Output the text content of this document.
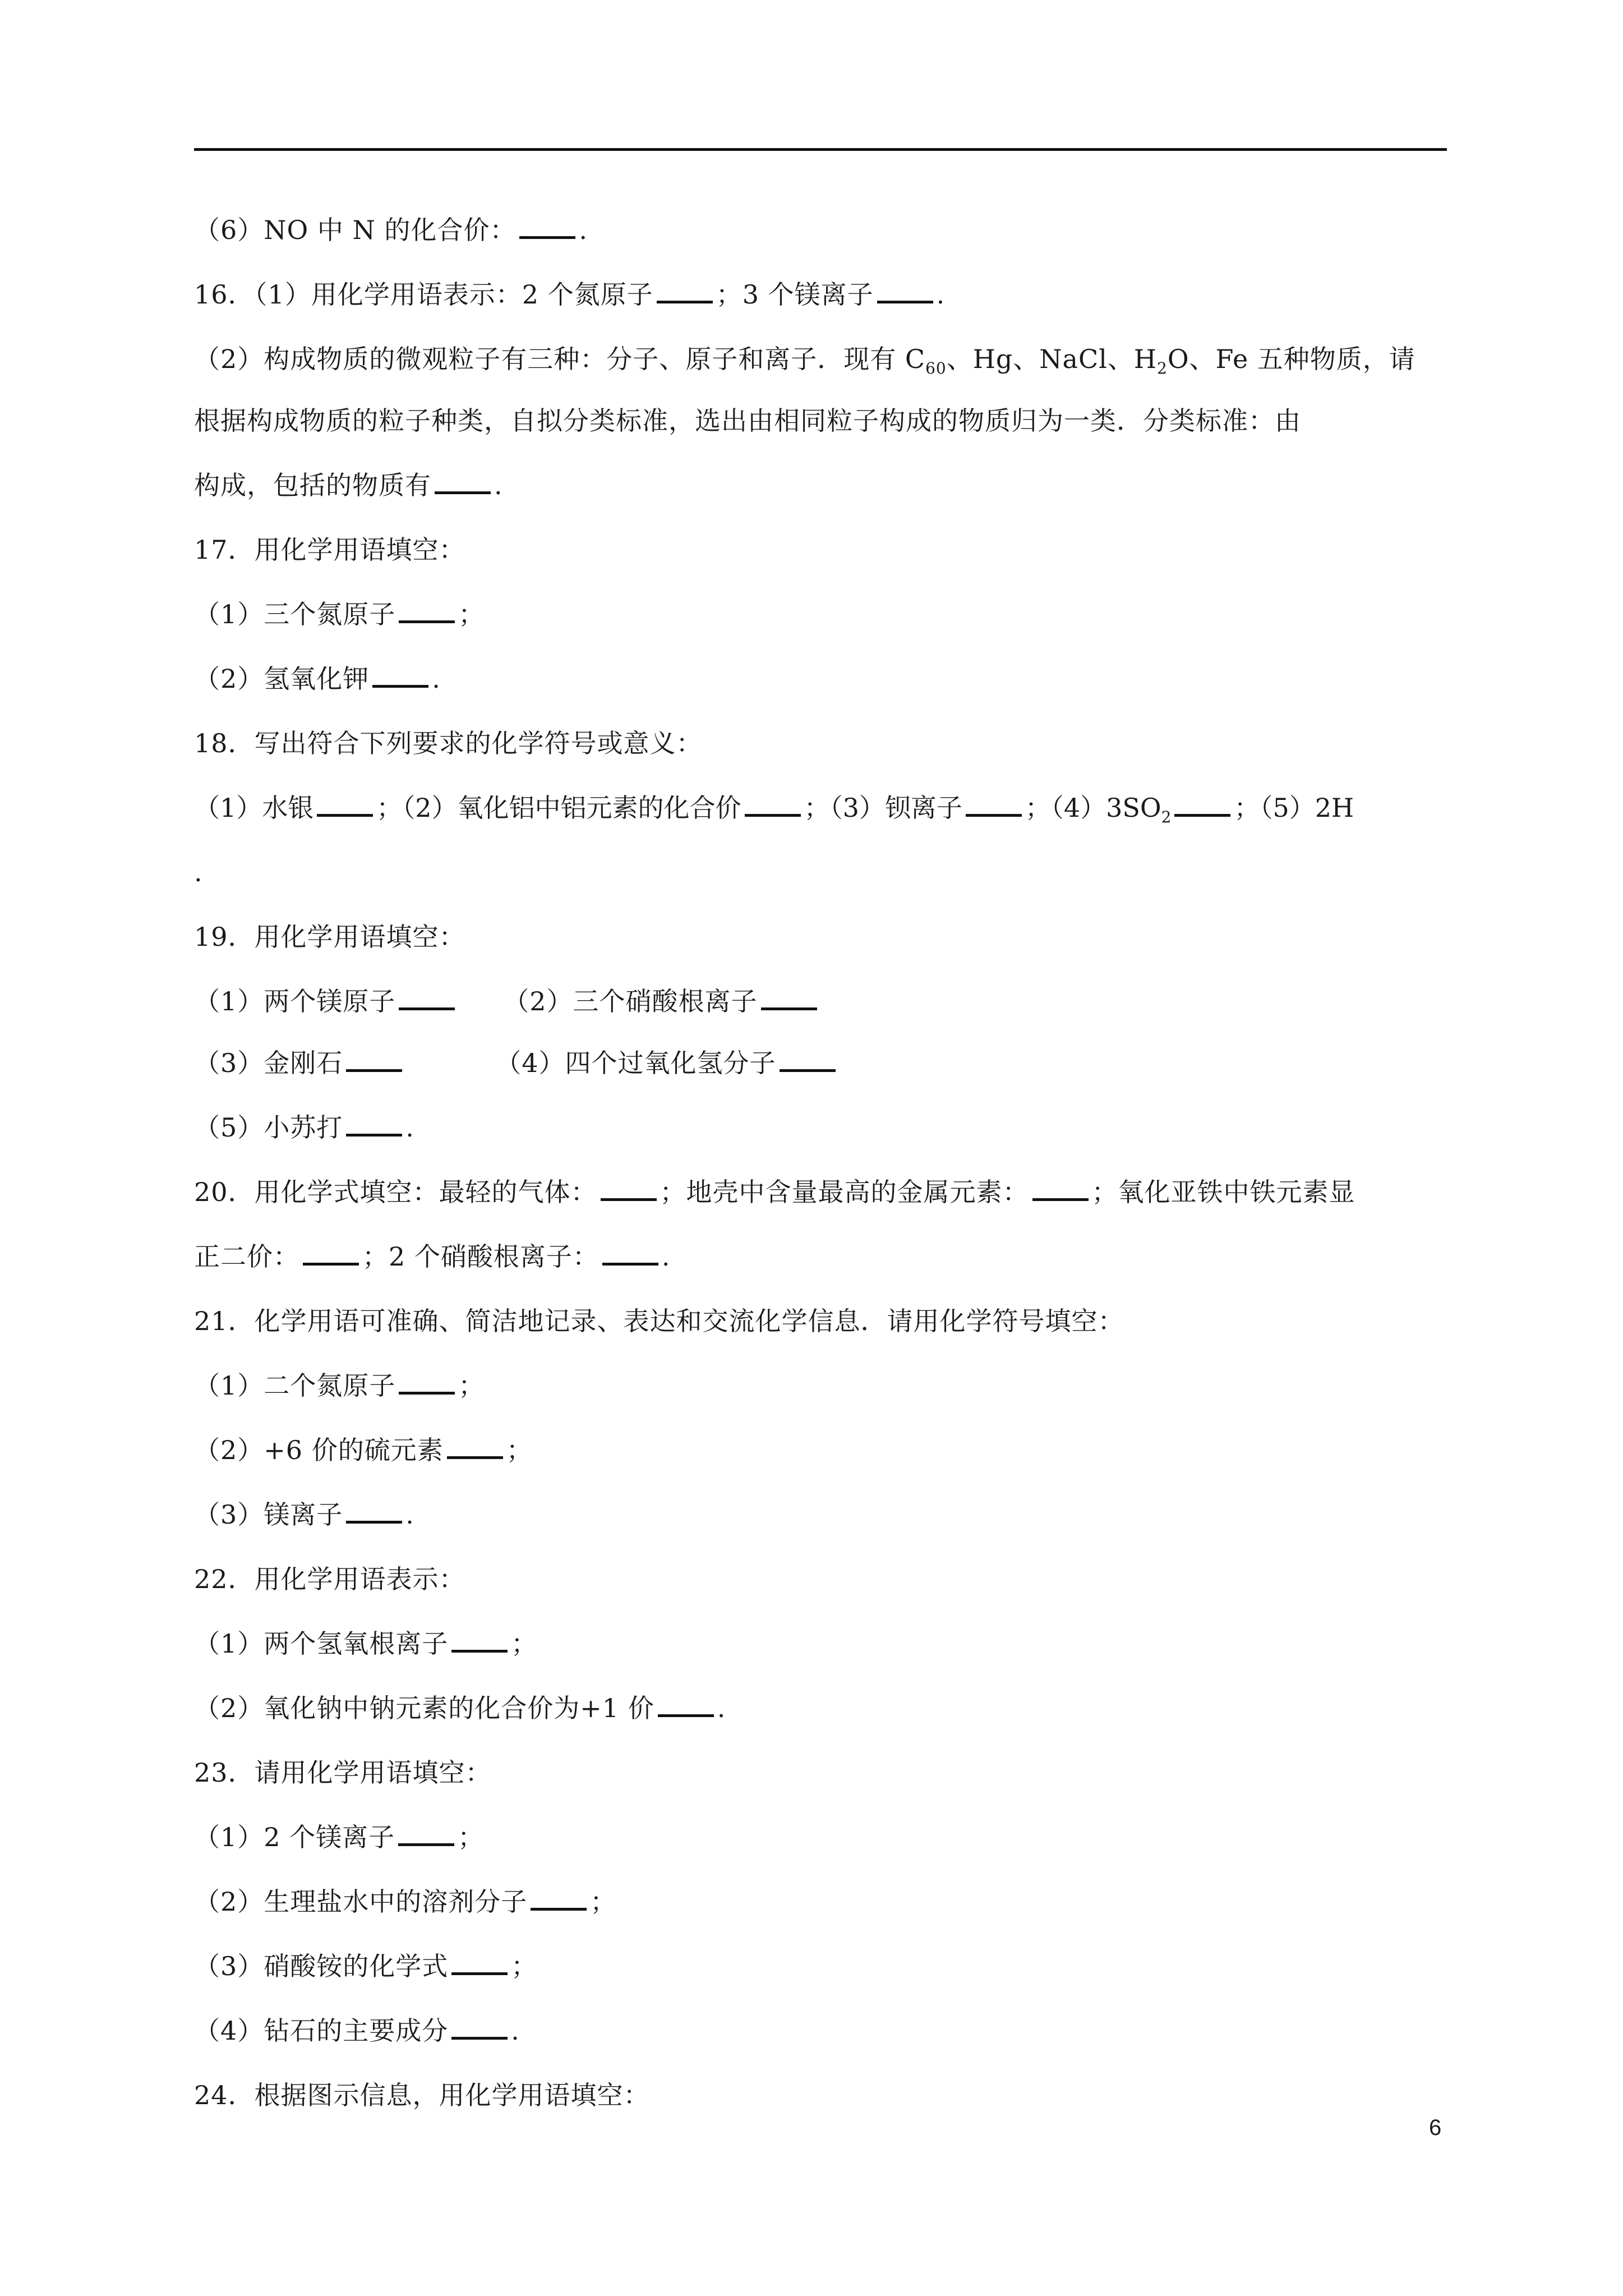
（6）NO 中 N 的化合价： .
16．（1）用化学用语表示：2 个氮原子 ；3 个镁离子 .
（2）构成物质的微观粒子有三种：分子、原子和离子．现有 $C_{60}$、Hg、NaCl、$H_2O$、Fe 五种物质，请
根据构成物质的粒子种类，自拟分类标准，选出由相同粒子构成的物质归为一类．分类标准：由
构成，包括的物质有 .
17．用化学用语填空：
（1）三个氮原子 ；
（2）氢氧化钾 .
18．写出符合下列要求的化学符号或意义：
（1）水银 ；（2）氧化铝中铝元素的化合价 ；（3）钡离子 ；$(4)3SO_2$ ；（5）2H
.
19．用化学用语填空：
（1）两个镁原子	（2）三个硝酸根离子
（3）金刚石	（4）四个过氧化氢分子
（5）小苏打 .
20．用化学式填空：最轻的气体： ；地壳中含量最高的金属元素： ；氧化亚铁中铁元素显
正二价： ；2 个硝酸根离子： .
21．化学用语可准确、简洁地记录、表达和交流化学信息．请用化学符号填空：
（1）二个氮原子 ；
（2）+6 价的硫元素 ；
（3）镁离子 .
22．用化学用语表示：
（1）两个氢氧根离子 ；
（2）氧化钠中钠元素的化合价为+1 价 .
23．请用化学用语填空：
（1）2 个镁离子 ；
（2）生理盐水中的溶剂分子 ；
（3）硝酸铵的化学式 ；
（4）钻石的主要成分 .
24．根据图示信息，用化学用语填空：
6
